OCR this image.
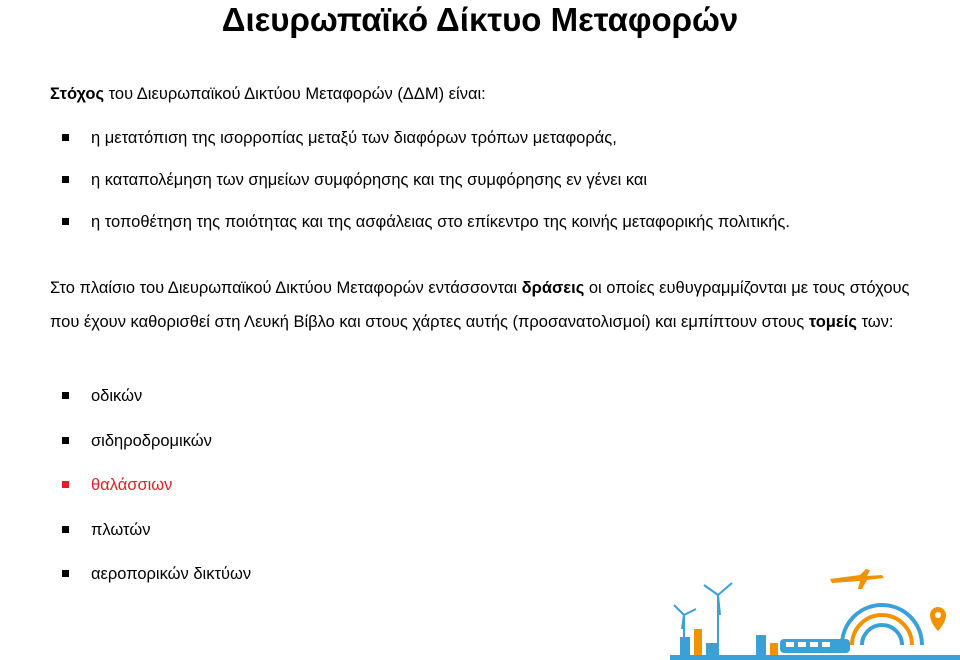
Διευρωπαϊκό Δίκτυο Μεταφορών
Στόχος του Διευρωπαϊκού Δικτύου Μεταφορών (ΔΔΜ) είναι:
η μετατόπιση της ισορροπίας μεταξύ των διαφόρων τρόπων μεταφοράς,
η καταπολέμηση των σημείων συμφόρησης και της συμφόρησης εν γένει και
η τοποθέτηση της ποιότητας και της ασφάλειας στο επίκεντρο της κοινής μεταφορικής πολιτικής.
Στο πλαίσιο του Διευρωπαϊκού Δικτύου Μεταφορών εντάσσονται δράσεις οι οποίες ευθυγραμμίζονται με τους στόχους που έχουν καθορισθεί στη Λευκή Βίβλο και στους χάρτες αυτής (προσανατολισμοί) και εμπίπτουν στους τομείς των:
οδικών
σιδηροδρομικών
θαλάσσιων
πλωτών
αεροπορικών δικτύων
